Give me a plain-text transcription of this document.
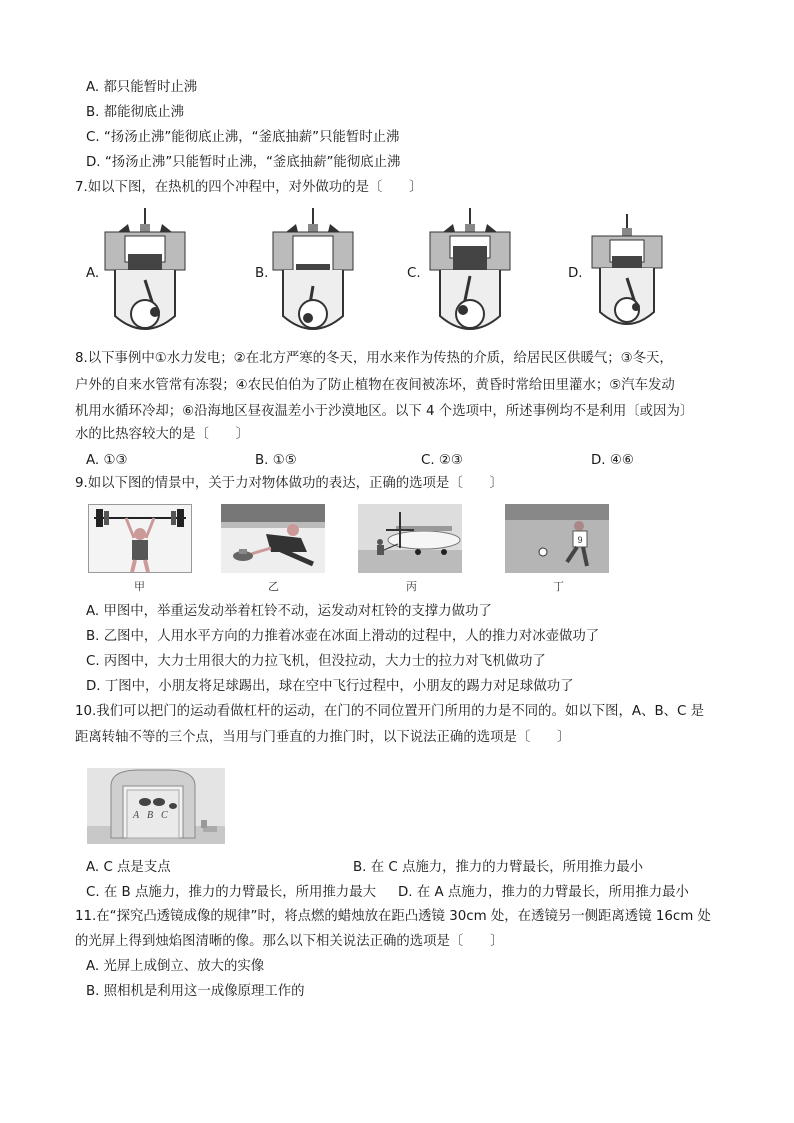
A. 都只能暂时止沸
B. 都能彻底止沸
C. “扬汤止沸”能彻底止沸，“釜底抽薪”只能暂时止沸
D. “扬汤止沸”只能暂时止沸，“釜底抽薪”能彻底止沸
7.如以下图，在热机的四个冲程中，对外做功的是〔　　〕
A.	B.	C.	D.
8.以下事例中①水力发电；②在北方严寒的冬天，用水来作为传热的介质，给居民区供暖气；③冬天，
户外的自来水管常有冻裂；④农民伯伯为了防止植物在夜间被冻坏，黄昏时常给田里灌水；⑤汽车发动
机用水循环冷却；⑥沿海地区昼夜温差小于沙漠地区。以下 4 个选项中，所述事例均不是利用〔或因为〕
水的比热容较大的是〔　　〕
A. ①③	B. ①⑤	C. ②③	D. ④⑥
9.如以下图的情景中，关于力对物体做功的表达，正确的选项是〔　　〕
9
甲	乙	丙	丁
A. 甲图中，举重运发动举着杠铃不动，运发动对杠铃的支撑力做功了
B. 乙图中，人用水平方向的力推着冰壶在冰面上滑动的过程中，人的推力对冰壶做功了
C. 丙图中，大力士用很大的力拉飞机，但没拉动，大力士的拉力对飞机做功了
D. 丁图中，小朋友将足球踢出，球在空中飞行过程中，小朋友的踢力对足球做功了
10.我们可以把门的运动看做杠杆的运动，在门的不同位置开门所用的力是不同的。如以下图，A、B、C 是
距离转轴不等的三个点，当用与门垂直的力推门时，以下说法正确的选项是〔　　〕
A B C
A. C 点是支点	B. 在 C 点施力，推力的力臂最长，所用推力最小
C. 在 B 点施力，推力的力臂最长，所用推力最大 D. 在 A 点施力，推力的力臂最长，所用推力最小
11.在“探究凸透镜成像的规律”时，将点燃的蜡烛放在距凸透镜 30cm 处，在透镜另一侧距离透镜 16cm 处
的光屏上得到烛焰图清晰的像。那么以下相关说法正确的选项是〔　　〕
A. 光屏上成倒立、放大的实像
B. 照相机是利用这一成像原理工作的
